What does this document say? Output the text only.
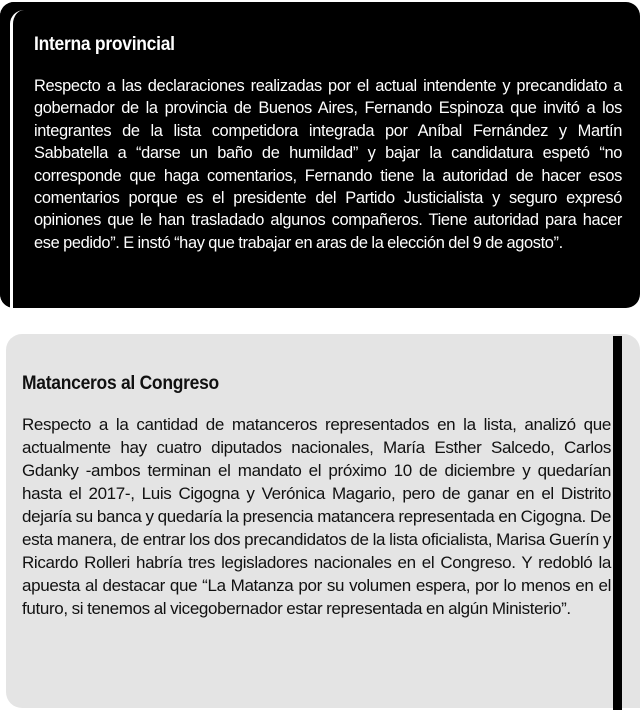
Interna provincial

Respecto a las declaraciones realizadas por el actual intendente y precandidato a gobernador de la provincia de Buenos Aires, Fernando Espinoza que invitó a los integrantes de la lista competidora integrada por Aníbal Fernández y Martín Sabbatella a “darse un baño de humildad” y bajar la candidatura espetó “no corresponde que haga comentarios, Fernando tiene la autoridad de hacer esos comentarios porque es el presidente del Partido Justicialista y seguro expresó opiniones que le han trasladado algunos compañeros. Tiene autoridad para hacer ese pedido”. E instó “hay que trabajar en aras de la elección del 9 de agosto”.

Matanceros al Congreso

Respecto a la cantidad de matanceros representados en la lista, analizó que actualmente hay cuatro diputados nacionales, María Esther Salcedo, Carlos Gdanky -ambos terminan el mandato el próximo 10 de diciembre y quedarían hasta el 2017-, Luis Cigogna y Verónica Magario, pero de ganar en el Distrito dejaría su banca y quedaría la presencia matancera representada en Cigogna. De esta manera, de entrar los dos precandidatos de la lista oficialista, Marisa Guerín y Ricardo Rolleri habría tres legisladores nacionales en el Congreso. Y redobló la apuesta al destacar que “La Matanza por su volumen espera, por lo menos en el futuro, si tenemos al vicegobernador estar representada en algún Ministerio”.
